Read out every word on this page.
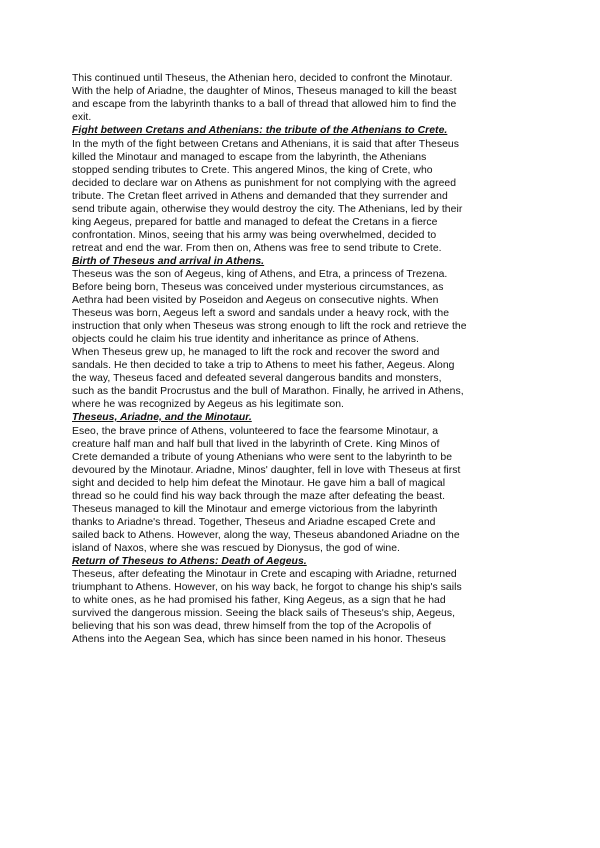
This continued until Theseus, the Athenian hero, decided to confront the Minotaur.

With the help of Ariadne, the daughter of Minos, Theseus managed to kill the beast

and escape from the labyrinth thanks to a ball of thread that allowed him to find the

exit.

Fight between Cretans and Athenians: the tribute of the Athenians to Crete.

In the myth of the fight between Cretans and Athenians, it is said that after Theseus

killed the Minotaur and managed to escape from the labyrinth, the Athenians

stopped sending tributes to Crete. This angered Minos, the king of Crete, who

decided to declare war on Athens as punishment for not complying with the agreed

tribute. The Cretan fleet arrived in Athens and demanded that they surrender and

send tribute again, otherwise they would destroy the city. The Athenians, led by their

king Aegeus, prepared for battle and managed to defeat the Cretans in a fierce

confrontation. Minos, seeing that his army was being overwhelmed, decided to

retreat and end the war. From then on, Athens was free to send tribute to Crete.

Birth of Theseus and arrival in Athens.

Theseus was the son of Aegeus, king of Athens, and Etra, a princess of Trezena.

Before being born, Theseus was conceived under mysterious circumstances, as

Aethra had been visited by Poseidon and Aegeus on consecutive nights. When

Theseus was born, Aegeus left a sword and sandals under a heavy rock, with the

instruction that only when Theseus was strong enough to lift the rock and retrieve the

objects could he claim his true identity and inheritance as prince of Athens.

When Theseus grew up, he managed to lift the rock and recover the sword and

sandals. He then decided to take a trip to Athens to meet his father, Aegeus. Along

the way, Theseus faced and defeated several dangerous bandits and monsters,

such as the bandit Procrustus and the bull of Marathon. Finally, he arrived in Athens,

where he was recognized by Aegeus as his legitimate son.

Theseus, Ariadne, and the Minotaur.

Eseo, the brave prince of Athens, volunteered to face the fearsome Minotaur, a

creature half man and half bull that lived in the labyrinth of Crete. King Minos of

Crete demanded a tribute of young Athenians who were sent to the labyrinth to be

devoured by the Minotaur. Ariadne, Minos' daughter, fell in love with Theseus at first

sight and decided to help him defeat the Minotaur. He gave him a ball of magical

thread so he could find his way back through the maze after defeating the beast.

Theseus managed to kill the Minotaur and emerge victorious from the labyrinth

thanks to Ariadne's thread. Together, Theseus and Ariadne escaped Crete and

sailed back to Athens. However, along the way, Theseus abandoned Ariadne on the

island of Naxos, where she was rescued by Dionysus, the god of wine.

Return of Theseus to Athens: Death of Aegeus.

Theseus, after defeating the Minotaur in Crete and escaping with Ariadne, returned

triumphant to Athens. However, on his way back, he forgot to change his ship's sails

to white ones, as he had promised his father, King Aegeus, as a sign that he had

survived the dangerous mission. Seeing the black sails of Theseus's ship, Aegeus,

believing that his son was dead, threw himself from the top of the Acropolis of

Athens into the Aegean Sea, which has since been named in his honor. Theseus
